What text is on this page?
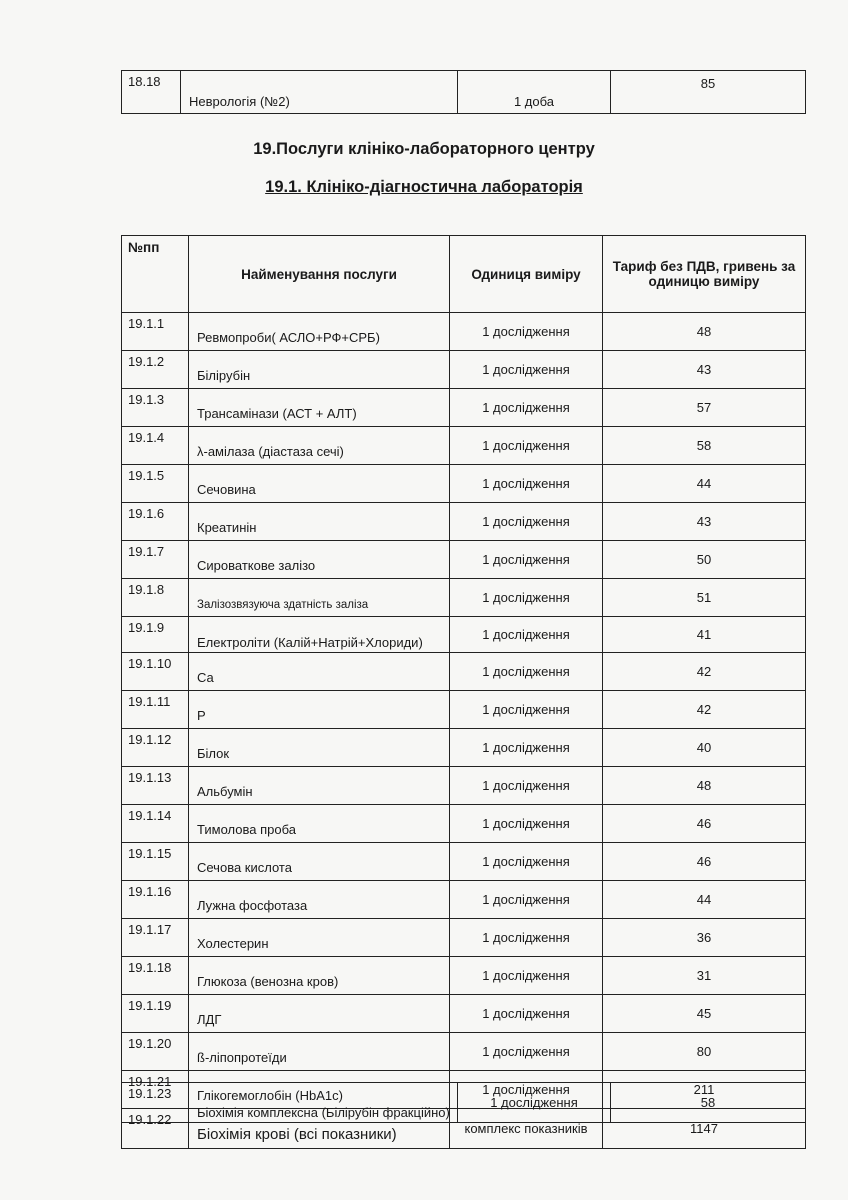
18.18	Неврологія (№2)	1 доба	85
19.Послуги клініко-лабораторного центру
19.1. Клініко-діагностична лабораторія
№пп	Найменування послуги	Одиниця виміру	Тариф без ПДВ, гривень за одиницю виміру
19.1.1	Ревмопроби( АСЛО+РФ+СРБ)	1 дослідження	48
19.1.2	Білірубін	1 дослідження	43
19.1.3	Трансамінази (АСТ + АЛТ)	1 дослідження	57
19.1.4	λ-амілаза (діастаза сечі)	1 дослідження	58
19.1.5	Сечовина	1 дослідження	44
19.1.6	Креатинін	1 дослідження	43
19.1.7	Сироваткове залізо	1 дослідження	50
19.1.8	Залізозвязуюча здатність заліза	1 дослідження	51
19.1.9	Електроліти (Калій+Натрій+Хлориди)	1 дослідження	41
19.1.10	Са	1 дослідження	42
19.1.11	Р	1 дослідження	42
19.1.12	Білок	1 дослідження	40
19.1.13	Альбумін	1 дослідження	48
19.1.14	Тимолова проба	1 дослідження	46
19.1.15	Сечова кислота	1 дослідження	46
19.1.16	Лужна фосфотаза	1 дослідження	44
19.1.17	Холестерин	1 дослідження	36
19.1.18	Глюкоза (венозна кров)	1 дослідження	31
19.1.19	ЛДГ	1 дослідження	45
19.1.20	ß-ліпопротеїди	1 дослідження	80
19.1.21	Глікогемоглобін (HbA1c)	1 дослідження	211
19.1.22	Біохімія крові (всі показники)	комплекс показників	1147
19.1.23	Біохімія комплексна (Білірубін фракційно)	1 дослідження	58
